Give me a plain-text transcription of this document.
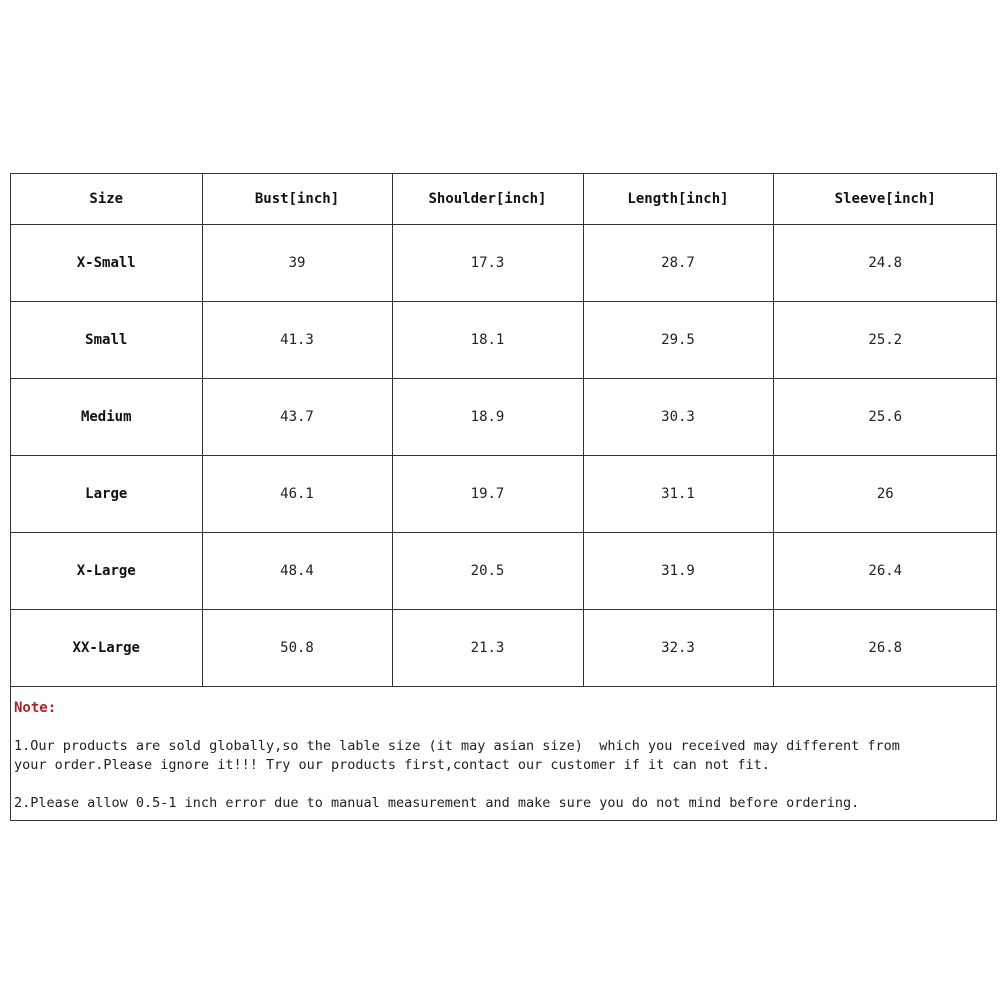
Size	Bust[inch]	Shoulder[inch]	Length[inch]	Sleeve[inch]
X-Small	39	17.3	28.7	24.8
Small	41.3	18.1	29.5	25.2
Medium	43.7	18.9	30.3	25.6
Large	46.1	19.7	31.1	26
X-Large	48.4	20.5	31.9	26.4
XX-Large	50.8	21.3	32.3	26.8
Note:
1.Our products are sold globally,so the lable size (it may asian size)  which you received may different from your order.Please ignore it!!! Try our products first,contact our customer if it can not fit.
2.Please allow 0.5-1 inch error due to manual measurement and make sure you do not mind before ordering.
